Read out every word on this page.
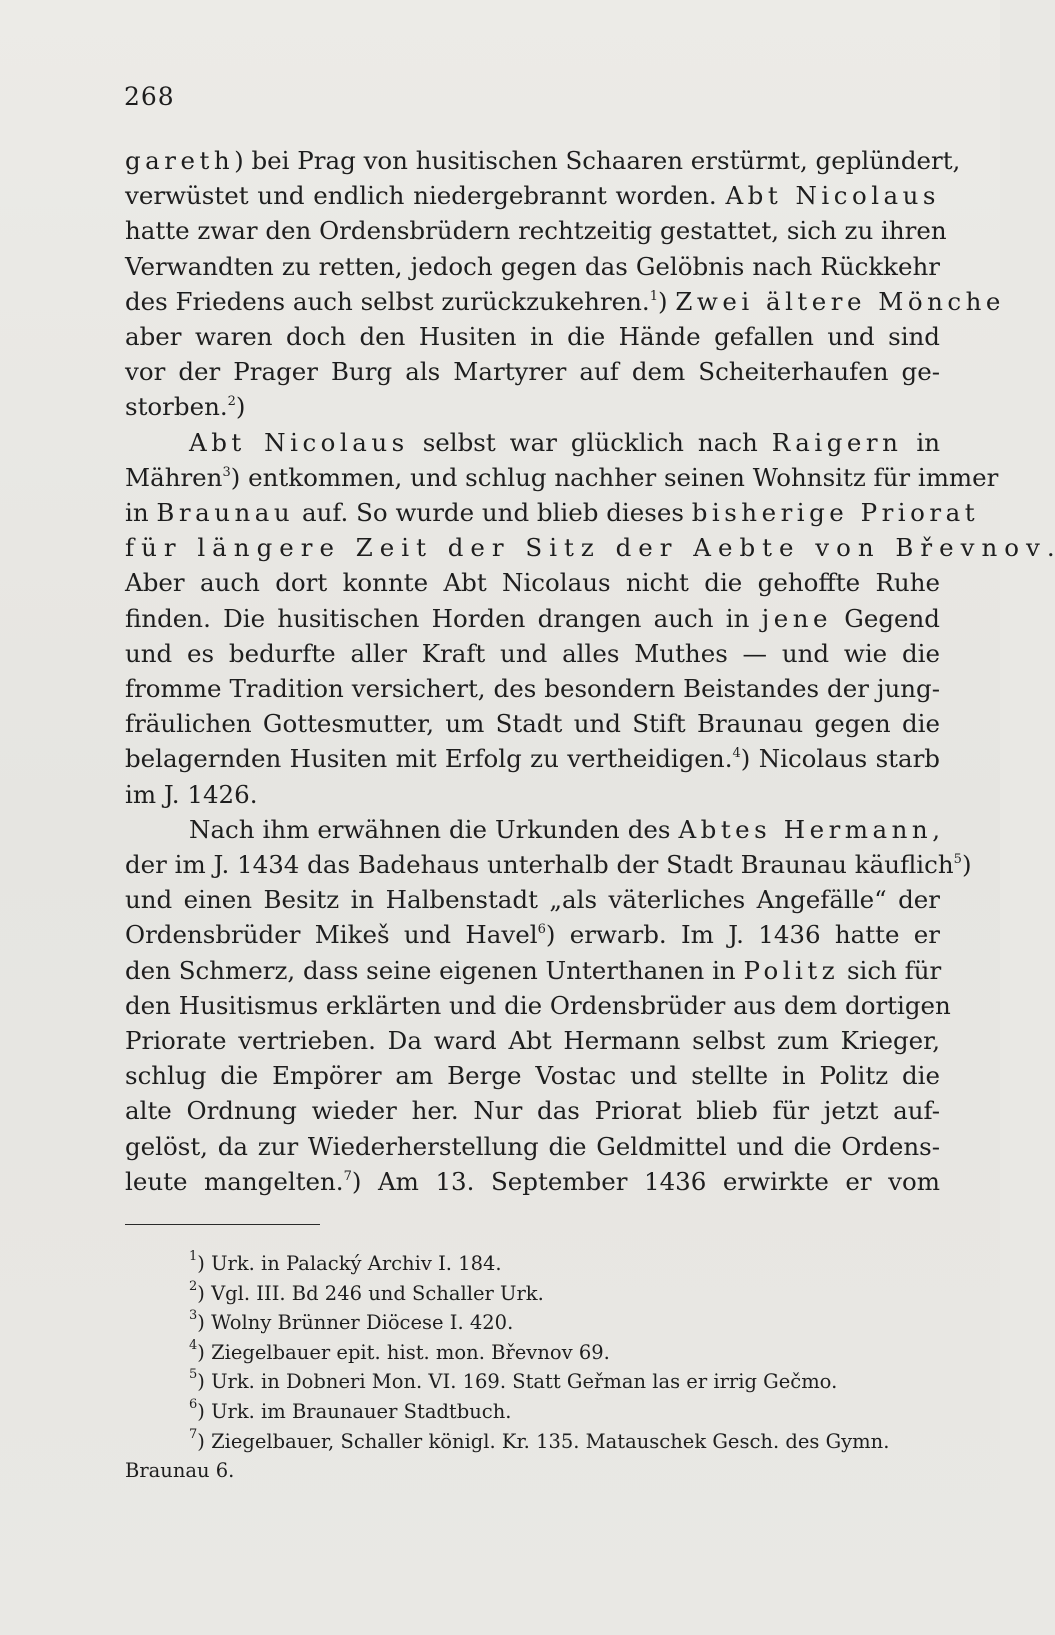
268
gareth) bei Prag von husitischen Schaaren erstürmt, geplündert,
verwüstet und endlich niedergebrannt worden. Abt Nicolaus
hatte zwar den Ordensbrüdern rechtzeitig gestattet, sich zu ihren
Verwandten zu retten, jedoch gegen das Gelöbnis nach Rückkehr
des Friedens auch selbst zurückzukehren.$^1$) Zwei ältere Mönche
aber waren doch den Husiten in die Hände gefallen und sind
vor der Prager Burg als Martyrer auf dem Scheiterhaufen ge-
storben.$^2$)
Abt Nicolaus selbst war glücklich nach Raigern in
Mähren$^3$) entkommen, und schlug nachher seinen Wohnsitz für immer
in Braunau auf. So wurde und blieb dieses bisherige Priorat
für längere Zeit der Sitz der Aebte von Břevnov.
Aber auch dort konnte Abt Nicolaus nicht die gehoffte Ruhe
finden. Die husitischen Horden drangen auch in jene Gegend
und es bedurfte aller Kraft und alles Muthes — und wie die
fromme Tradition versichert, des besondern Beistandes der jung-
fräulichen Gottesmutter, um Stadt und Stift Braunau gegen die
belagernden Husiten mit Erfolg zu vertheidigen.$^4$) Nicolaus starb
im J. 1426.
Nach ihm erwähnen die Urkunden des Abtes Hermann,
der im J. 1434 das Badehaus unterhalb der Stadt Braunau käuflich$^5$)
und einen Besitz in Halbenstadt „als väterliches Angefälle“ der
Ordensbrüder Mikeš und Havel$^6$) erwarb. Im J. 1436 hatte er
den Schmerz, dass seine eigenen Unterthanen in Politz sich für
den Husitismus erklärten und die Ordensbrüder aus dem dortigen
Priorate vertrieben. Da ward Abt Hermann selbst zum Krieger,
schlug die Empörer am Berge Vostac und stellte in Politz die
alte Ordnung wieder her. Nur das Priorat blieb für jetzt auf-
gelöst, da zur Wiederherstellung die Geldmittel und die Ordens-
leute mangelten.$^7$) Am 13. September 1436 erwirkte er vom
$^1$) Urk. in Palacký Archiv I. 184.
$^2$) Vgl. III. Bd 246 und Schaller Urk.
$^3$) Wolny Brünner Diöcese I. 420.
$^4$) Ziegelbauer epit. hist. mon. Břevnov 69.
$^5$) Urk. in Dobneri Mon. VI. 169. Statt Geřman las er irrig Gečmo.
$^6$) Urk. im Braunauer Stadtbuch.
$^7$) Ziegelbauer, Schaller königl. Kr. 135. Matauschek Gesch. des Gymn.
Braunau 6.
